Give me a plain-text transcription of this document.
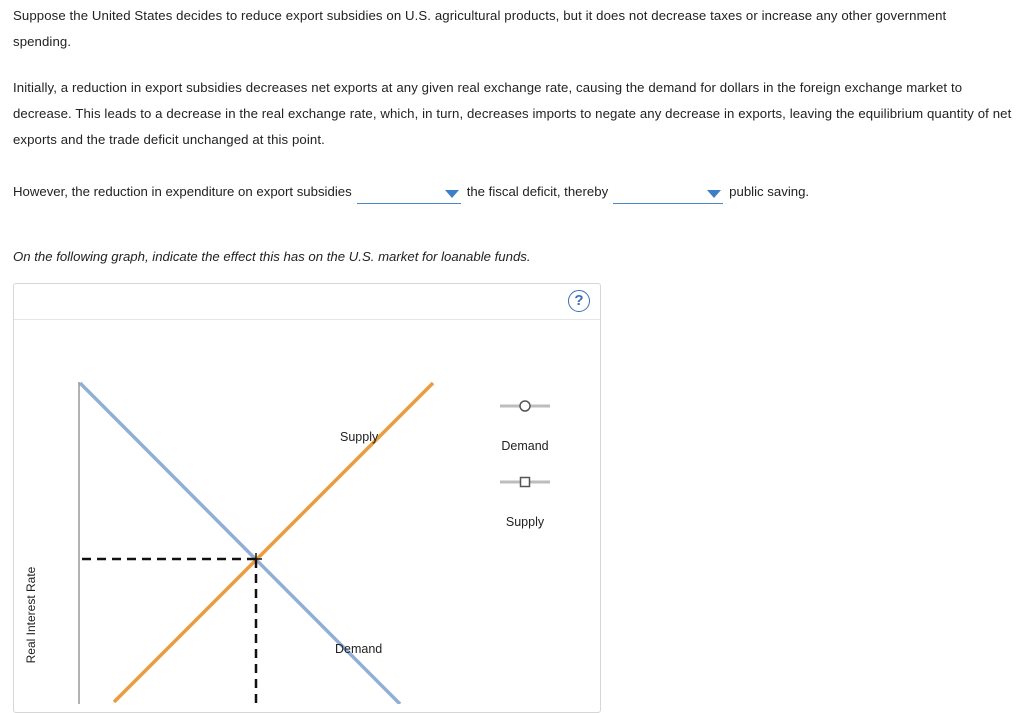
Suppose the United States decides to reduce export subsidies on U.S. agricultural products, but it does not decrease taxes or increase any other government spending.

Initially, a reduction in export subsidies decreases net exports at any given real exchange rate, causing the demand for dollars in the foreign exchange market to decrease. This leads to a decrease in the real exchange rate, which, in turn, decreases imports to negate any decrease in exports, leaving the equilibrium quantity of net exports and the trade deficit unchanged at this point.

However, the reduction in expenditure on export subsidies	the fiscal deficit, thereby	public saving.

On the following graph, indicate the effect this has on the U.S. market for loanable funds.

?
Real Interest Rate
Supply
Demand
Demand
Supply
